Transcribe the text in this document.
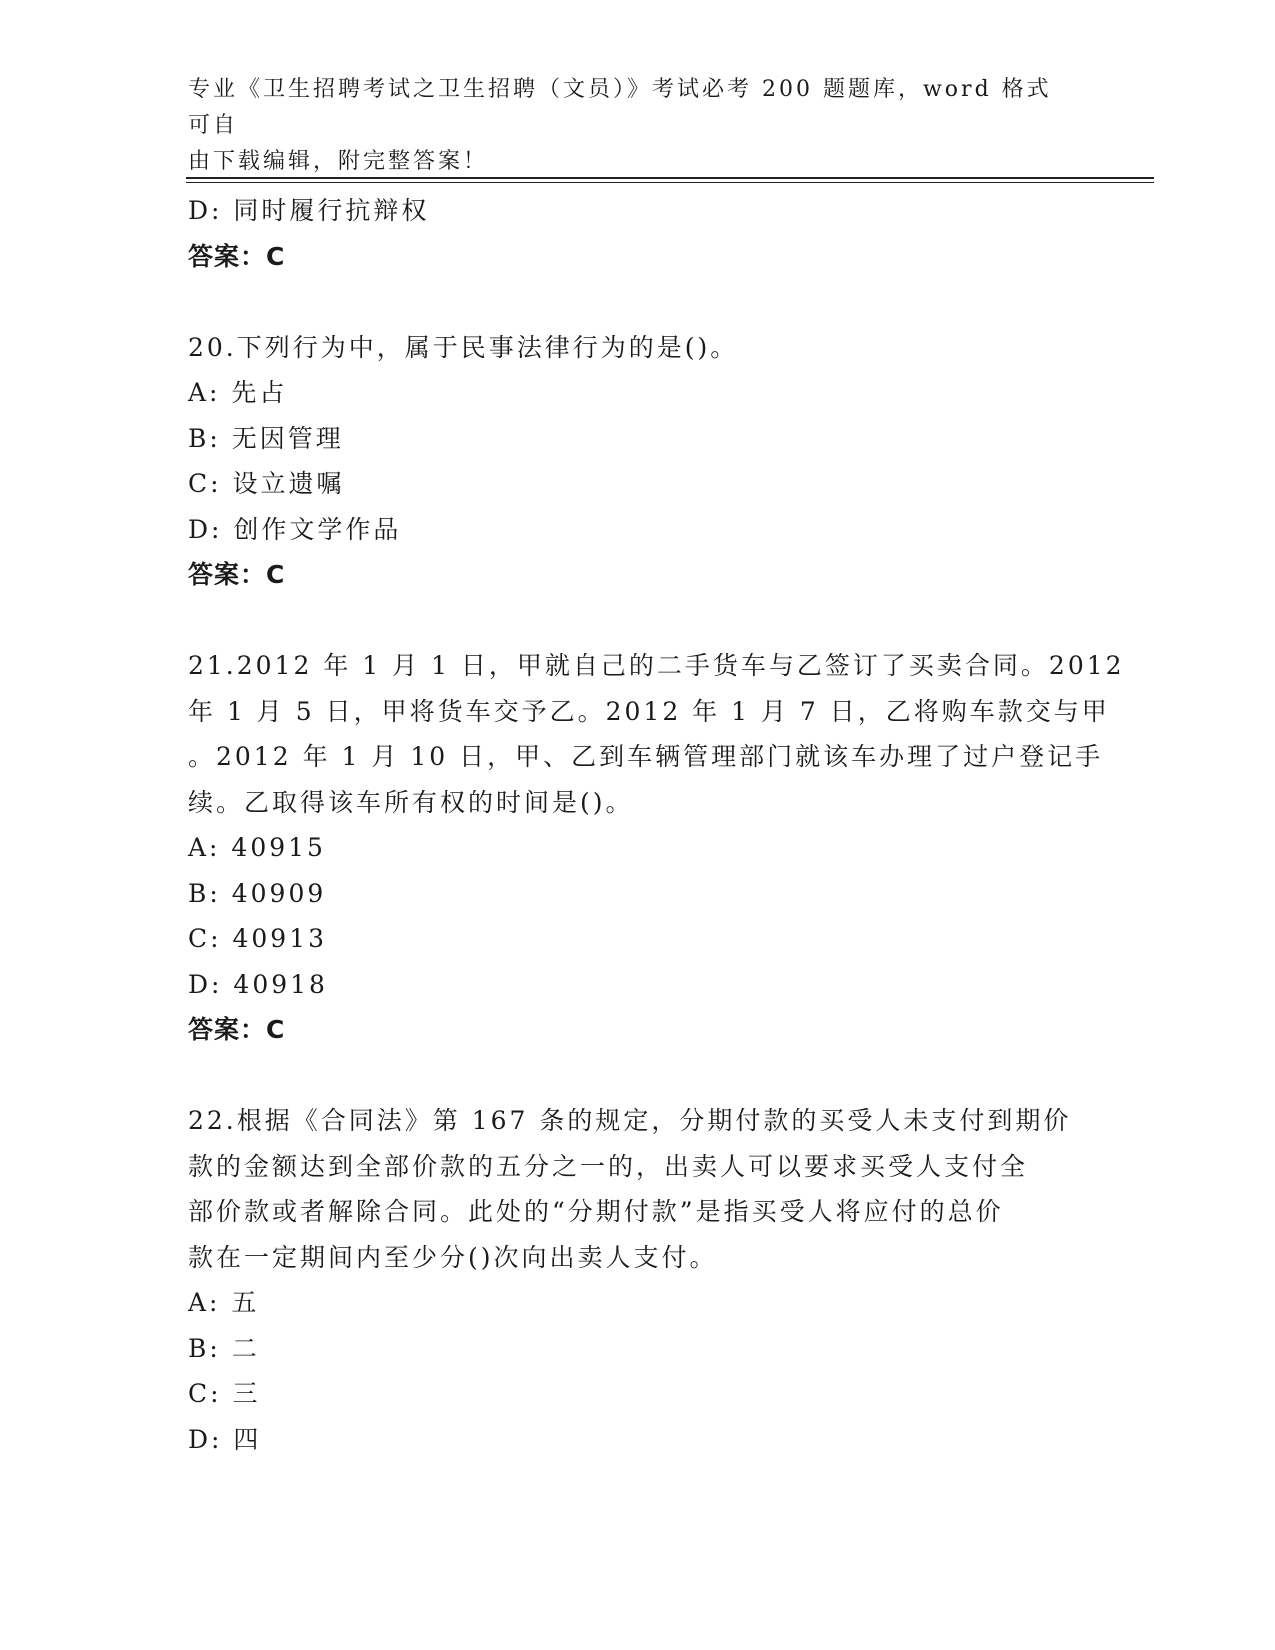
专业《卫生招聘考试之卫生招聘（文员）》考试必考 200 题题库，word 格式可自
由下载编辑，附完整答案！
D: 同时履行抗辩权
答案：C
20.下列行为中，属于民事法律行为的是()。
A: 先占
B: 无因管理
C: 设立遗嘱
D: 创作文学作品
答案：C
21.2012 年 1 月 1 日，甲就自己的二手货车与乙签订了买卖合同。2012
年 1 月 5 日，甲将货车交予乙。2012 年 1 月 7 日，乙将购车款交与甲
。2012 年 1 月 10 日，甲、乙到车辆管理部门就该车办理了过户登记手
续。乙取得该车所有权的时间是()。
A: 40915
B: 40909
C: 40913
D: 40918
答案：C
22.根据《合同法》第 167 条的规定，分期付款的买受人未支付到期价
款的金额达到全部价款的五分之一的，出卖人可以要求买受人支付全
部价款或者解除合同。此处的“分期付款”是指买受人将应付的总价
款在一定期间内至少分()次向出卖人支付。
A: 五
B: 二
C: 三
D: 四
